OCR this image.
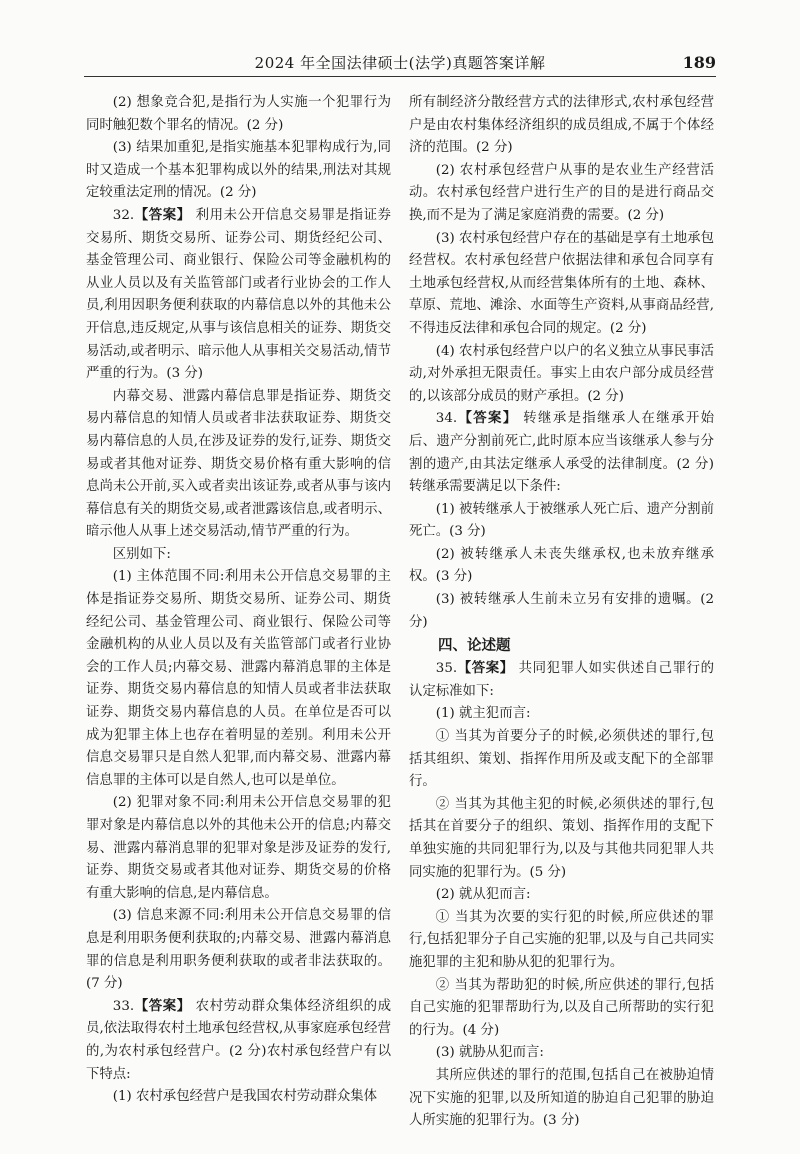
2024 年全国法律硕士(法学)真题答案详解	189

(2) 想象竞合犯,是指行为人实施一个犯罪行为同时触犯数个罪名的情况。(2 分)

(3) 结果加重犯,是指实施基本犯罪构成行为,同时又造成一个基本犯罪构成以外的结果,刑法对其规定较重法定刑的情况。(2 分)

32.【答案】 利用未公开信息交易罪是指证券交易所、期货交易所、证券公司、期货经纪公司、基金管理公司、商业银行、保险公司等金融机构的从业人员以及有关监管部门或者行业协会的工作人员,利用因职务便利获取的内幕信息以外的其他未公开信息,违反规定,从事与该信息相关的证券、期货交易活动,或者明示、暗示他人从事相关交易活动,情节严重的行为。(3 分)

内幕交易、泄露内幕信息罪是指证券、期货交易内幕信息的知情人员或者非法获取证券、期货交易内幕信息的人员,在涉及证券的发行,证券、期货交易或者其他对证券、期货交易价格有重大影响的信息尚未公开前,买入或者卖出该证券,或者从事与该内幕信息有关的期货交易,或者泄露该信息,或者明示、暗示他人从事上述交易活动,情节严重的行为。

区别如下:

(1) 主体范围不同:利用未公开信息交易罪的主体是指证券交易所、期货交易所、证券公司、期货经纪公司、基金管理公司、商业银行、保险公司等金融机构的从业人员以及有关监管部门或者行业协会的工作人员;内幕交易、泄露内幕消息罪的主体是证券、期货交易内幕信息的知情人员或者非法获取证券、期货交易内幕信息的人员。在单位是否可以成为犯罪主体上也存在着明显的差别。利用未公开信息交易罪只是自然人犯罪,而内幕交易、泄露内幕信息罪的主体可以是自然人,也可以是单位。

(2) 犯罪对象不同:利用未公开信息交易罪的犯罪对象是内幕信息以外的其他未公开的信息;内幕交易、泄露内幕消息罪的犯罪对象是涉及证券的发行,证券、期货交易或者其他对证券、期货交易的价格有重大影响的信息,是内幕信息。

(3) 信息来源不同:利用未公开信息交易罪的信息是利用职务便利获取的;内幕交易、泄露内幕消息罪的信息是利用职务便利获取的或者非法获取的。(7 分)

33.【答案】 农村劳动群众集体经济组织的成员,依法取得农村土地承包经营权,从事家庭承包经营的,为农村承包经营户。(2 分)农村承包经营户有以下特点:

(1) 农村承包经营户是我国农村劳动群众集体

所有制经济分散经营方式的法律形式,农村承包经营户是由农村集体经济组织的成员组成,不属于个体经济的范围。(2 分)

(2) 农村承包经营户从事的是农业生产经营活动。农村承包经营户进行生产的目的是进行商品交换,而不是为了满足家庭消费的需要。(2 分)

(3) 农村承包经营户存在的基础是享有土地承包经营权。农村承包经营户依据法律和承包合同享有土地承包经营权,从而经营集体所有的土地、森林、草原、荒地、滩涂、水面等生产资料,从事商品经营,不得违反法律和承包合同的规定。(2 分)

(4) 农村承包经营户以户的名义独立从事民事活动,对外承担无限责任。事实上由农户部分成员经营的,以该部分成员的财产承担。(2 分)

34.【答案】 转继承是指继承人在继承开始后、遗产分割前死亡,此时原本应当该继承人参与分割的遗产,由其法定继承人承受的法律制度。(2 分)转继承需要满足以下条件:

(1) 被转继承人于被继承人死亡后、遗产分割前死亡。(3 分)

(2) 被转继承人未丧失继承权,也未放弃继承权。(3 分)

(3) 被转继承人生前未立另有安排的遗嘱。(2 分)

四、论述题

35.【答案】 共同犯罪人如实供述自己罪行的认定标准如下:

(1) 就主犯而言:

① 当其为首要分子的时候,必须供述的罪行,包括其组织、策划、指挥作用所及或支配下的全部罪行。

② 当其为其他主犯的时候,必须供述的罪行,包括其在首要分子的组织、策划、指挥作用的支配下单独实施的共同犯罪行为,以及与其他共同犯罪人共同实施的犯罪行为。(5 分)

(2) 就从犯而言:

① 当其为次要的实行犯的时候,所应供述的罪行,包括犯罪分子自己实施的犯罪,以及与自己共同实施犯罪的主犯和胁从犯的犯罪行为。

② 当其为帮助犯的时候,所应供述的罪行,包括自己实施的犯罪帮助行为,以及自己所帮助的实行犯的行为。(4 分)

(3) 就胁从犯而言:

其所应供述的罪行的范围,包括自己在被胁迫情况下实施的犯罪,以及所知道的胁迫自己犯罪的胁迫人所实施的犯罪行为。(3 分)
